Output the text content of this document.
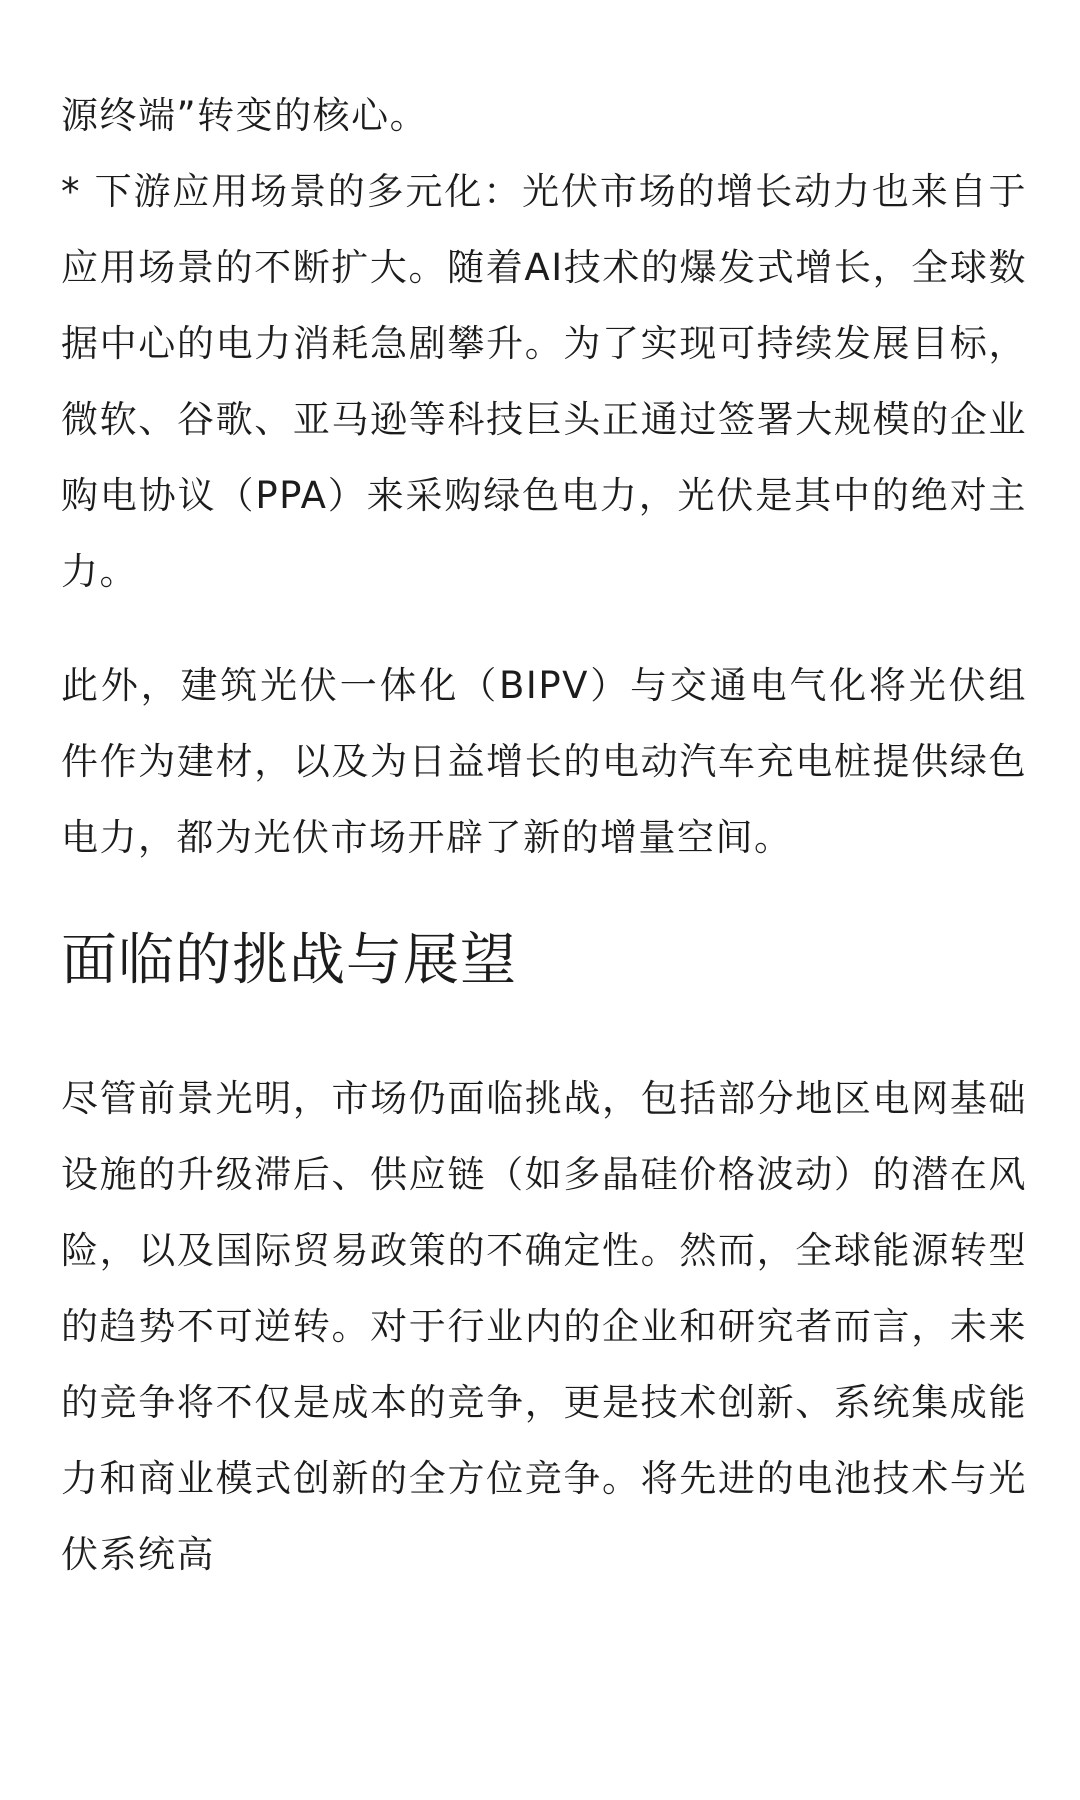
源终端”转变的核心。

* 下游应用场景的多元化：光伏市场的增长动力也来自于应用场景的不断扩大。随着AI技术的爆发式增长，全球数据中心的电力消耗急剧攀升。为了实现可持续发展目标，微软、谷歌、亚马逊等科技巨头正通过签署大规模的企业购电协议（PPA）来采购绿色电力，光伏是其中的绝对主力。

此外，建筑光伏一体化（BIPV）与交通电气化将光伏组件作为建材，以及为日益增长的电动汽车充电桩提供绿色电力，都为光伏市场开辟了新的增量空间。

面临的挑战与展望

尽管前景光明，市场仍面临挑战，包括部分地区电网基础设施的升级滞后、供应链（如多晶硅价格波动）的潜在风险，以及国际贸易政策的不确定性。然而，全球能源转型的趋势不可逆转。对于行业内的企业和研究者而言，未来的竞争将不仅是成本的竞争，更是技术创新、系统集成能力和商业模式创新的全方位竞争。将先进的电池技术与光伏系统高
